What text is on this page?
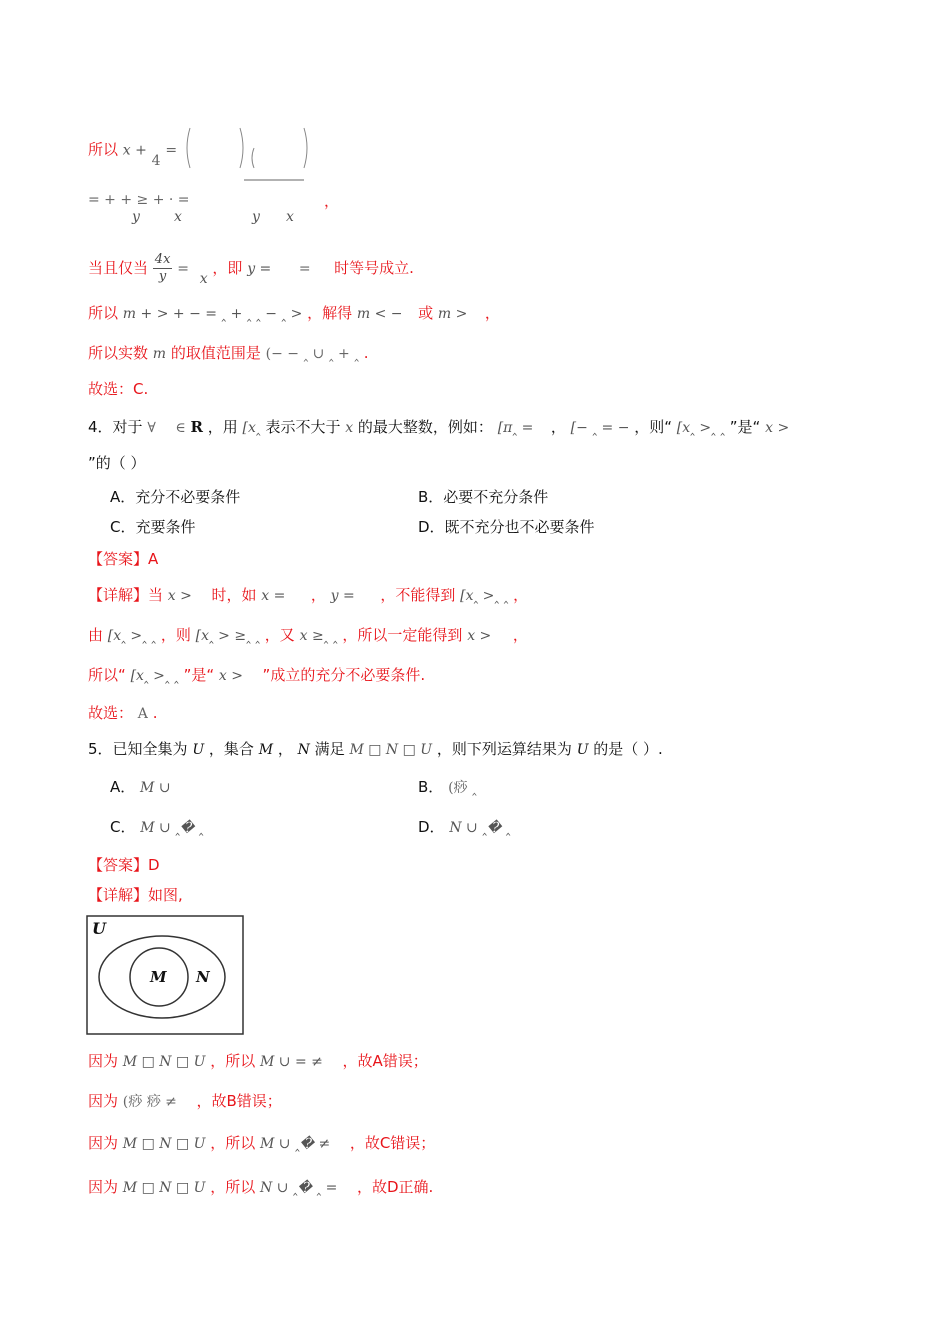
所以 x + 4 =
= + + ≥ + · =
y x	y x
，
当且仅当 $\frac{4x}{y} = x$ ，即 y = = 时等号成立.
所以 m + > + − = ‸ + ‸ ‸ − ‸ > ，解得 m < − 或 m > ，
所以实数 m 的取值范围是 (− − ‸ ∪ ‸ + ‸ .
故选：C.
4．对于 ∀ ∈ R ，用 [x‸ 表示不大于 x 的最大整数，例如： [π‸ = ， [− ‸ = − ，则“ [x‸ >‸ ‸ ”是“ x >
”的（ ）
A．充分不必要条件	B．必要不充分条件
C．充要条件	D．既不充分也不必要条件
【答案】A
【详解】当 x > 时，如 x = ， y = ，不能得到 [x‸ >‸ ‸ ，
由 [x‸ >‸ ‸ ，则 [x‸ > ≥‸ ‸ ，又 x ≥‸ ‸ ，所以一定能得到 x > ，
所以“ [x‸ >‸ ‸ ”是“ x > ”成立的充分不必要条件.
故选： A .
5．已知全集为 U ，集合 M ， N 满足 M □ N □ U ，则下列运算结果为 U 的是（ ）.
A． M ∪	B． (痧 ‸
C． M ∪ ‸� ‸	D． N ∪ ‸� ‸
【答案】D
【详解】如图,
U
M N
因为 M □ N □ U ，所以 M ∪ = ≠ ，故A错误；
因为 (痧 痧 ≠ ，故B错误；
因为 M □ N □ U ，所以 M ∪ ‸� ≠ ，故C错误；
因为 M □ N □ U ，所以 N ∪ ‸� ‸ = ，故D正确.
